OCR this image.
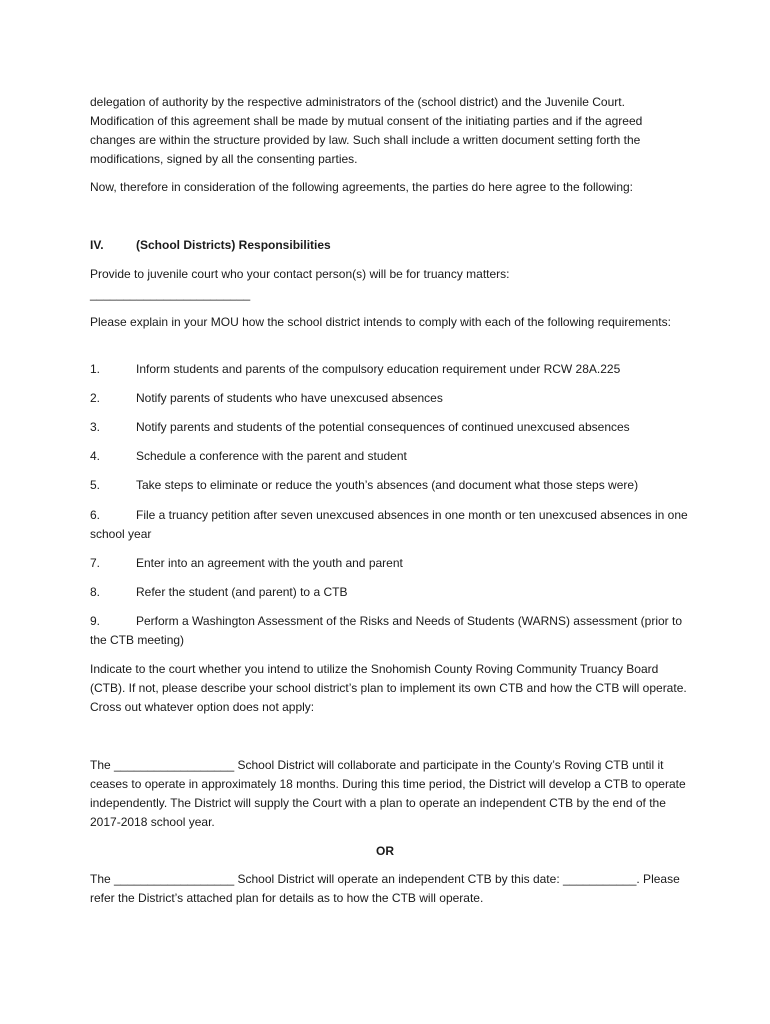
delegation of authority by the respective administrators of the (school district) and the Juvenile Court. Modification of this agreement shall be made by mutual consent of the initiating parties and if the agreed changes are within the structure provided by law. Such shall include a written document setting forth the modifications, signed by all the consenting parties.

Now, therefore in consideration of the following agreements, the parties do here agree to the following:

IV.	(School Districts) Responsibilities

Provide to juvenile court who your contact person(s) will be for truancy matters:

________________________

Please explain in your MOU how the school district intends to comply with each of the following requirements:

1.	Inform students and parents of the compulsory education requirement under RCW 28A.225

2.	Notify parents of students who have unexcused absences

3.	Notify parents and students of the potential consequences of continued unexcused absences

4.	Schedule a conference with the parent and student

5.	Take steps to eliminate or reduce the youth’s absences (and document what those steps were)

6.	File a truancy petition after seven unexcused absences in one month or ten unexcused absences in one school year

7.	Enter into an agreement with the youth and parent

8.	Refer the student (and parent) to a CTB

9.	Perform a Washington Assessment of the Risks and Needs of Students (WARNS) assessment (prior to the CTB meeting)

Indicate to the court whether you intend to utilize the Snohomish County Roving Community Truancy Board (CTB). If not, please describe your school district’s plan to implement its own CTB and how the CTB will operate. Cross out whatever option does not apply:

The __________________ School District will collaborate and participate in the County’s Roving CTB until it ceases to operate in approximately 18 months. During this time period, the District will develop a CTB to operate independently. The District will supply the Court with a plan to operate an independent CTB by the end of the 2017-2018 school year.

OR

The __________________ School District will operate an independent CTB by this date: ___________. Please refer the District’s attached plan for details as to how the CTB will operate.
